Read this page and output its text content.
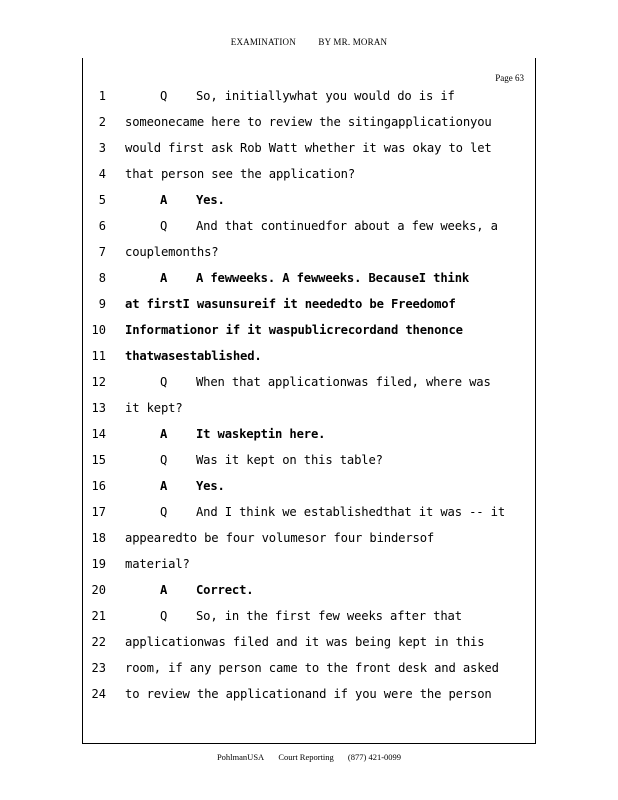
EXAMINATION BY MR. MORAN
Page 63
1	Q    So, initiallywhat you would do is if
2 someonecame here to review the sitingapplicationyou
3 would first ask Rob Watt whether it was okay to let
4 that person see the application?
5	A    Yes.
6	Q    And that continuedfor about a few weeks, a
7 couplemonths?
8	A    A fewweeks. A fewweeks. BecauseI think
9 at firstI wasunsureif it neededto be Freedomof
10 Informationor if it waspublicrecordand thenonce
11 thatwasestablished.
12	Q    When that applicationwas filed, where was
13 it kept?
14	A    It waskeptin here.
15	Q    Was it kept on this table?
16	A    Yes.
17	Q    And I think we establishedthat it was -- it
18 appearedto be four volumesor four bindersof
19 material?
20	A    Correct.
21	Q    So, in the first few weeks after that
22 applicationwas filed and it was being kept in this
23 room, if any person came to the front desk and asked
24 to review the applicationand if you were the person
PohlmanUSA Court Reporting (877) 421-0099
